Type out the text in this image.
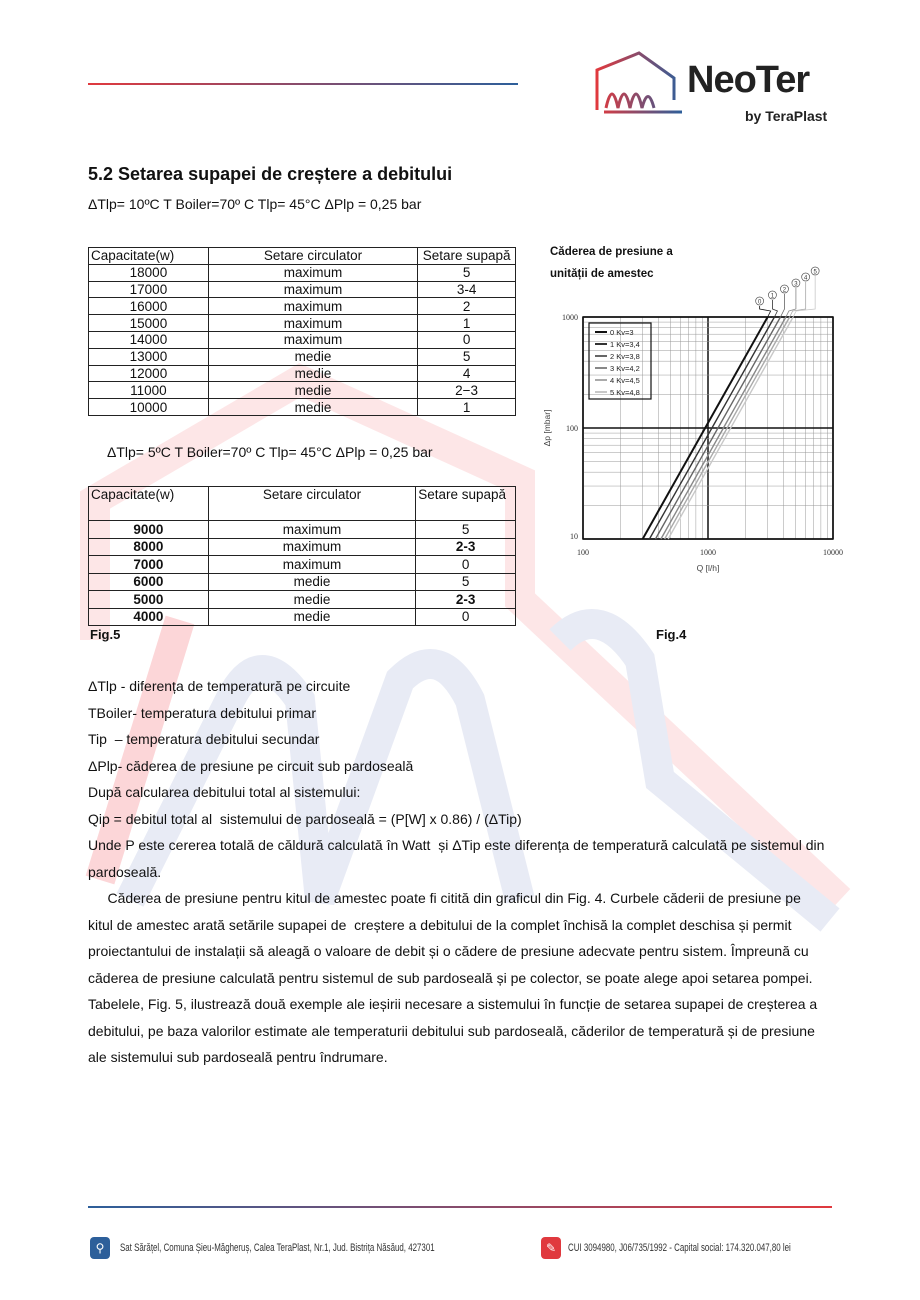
NeoTer
by TeraPlast
5.2 Setarea supapei de creștere a debitului
ΔTlp= 10ºC T Boiler=70º C Tlp= 45°C ΔPlp = 0,25 bar
Capacitate(w)	Setare circulator	Setare supapă
18000	maximum	5
17000	maximum	3-4
16000	maximum	2
15000	maximum	1
14000	maximum	0
13000	medie	5
12000	medie	4
11000	medie	2−3
10000	medie	1
ΔTlp= 5ºC T Boiler=70º C Tlp= 45°C ΔPlp = 0,25 bar
Capacitate(w)	Setare circulator	Setare supapă
9000	maximum	5
8000	maximum	2-3
7000	maximum	0
6000	medie	5
5000	medie	2-3
4000	medie	0
Fig.5	Fig.4
Căderea de presiune a
unității de amestec
0
0 Kv=3
1
1 Kv=3,4
2
2 Kv=3,8
3
3 Kv=4,2
4
4 Kv=4,5
5
5 Kv=4,8
100	1000	10000
10
100
1000
Q [l/h]
Δp [mbar]
ΔTlp - diferența de temperatură pe circuite
TBoiler- temperatura debitului primar
Tip  – temperatura debitului secundar
ΔPlp- căderea de presiune pe circuit sub pardoseală
După calcularea debitului total al sistemului:
Qip = debitul total al  sistemului de pardoseală = (P[W] x 0.86) / (ΔTip)
Unde P este cererea totală de căldură calculată în Watt  și ΔTip este diferența de temperatură calculată pe sistemul din pardoseală.
Căderea de presiune pentru kitul de amestec poate fi citită din graficul din Fig. 4. Curbele căderii de presiune pe kitul de amestec arată setările supapei de  creștere a debitului de la complet închisă la complet deschisa și permit proiectantului de instalații să aleagă o valoare de debit și o cădere de presiune adecvate pentru sistem. Împreună cu căderea de presiune calculată pentru sistemul de sub pardoseală și pe colector, se poate alege apoi setarea pompei.
Tabelele, Fig. 5, ilustrează două exemple ale ieșirii necesare a sistemului în funcție de setarea supapei de creșterea a debitului, pe baza valorilor estimate ale temperaturii debitului sub pardoseală, căderilor de temperatură și de presiune ale sistemului sub pardoseală pentru îndrumare.
⚲	Sat Sărățel, Comuna Șieu-Măgheruș, Calea TeraPlast, Nr.1, Jud. Bistrița Năsăud, 427301	✎	CUI 3094980, J06/735/1992 - Capital social: 174.320.047,80 lei
